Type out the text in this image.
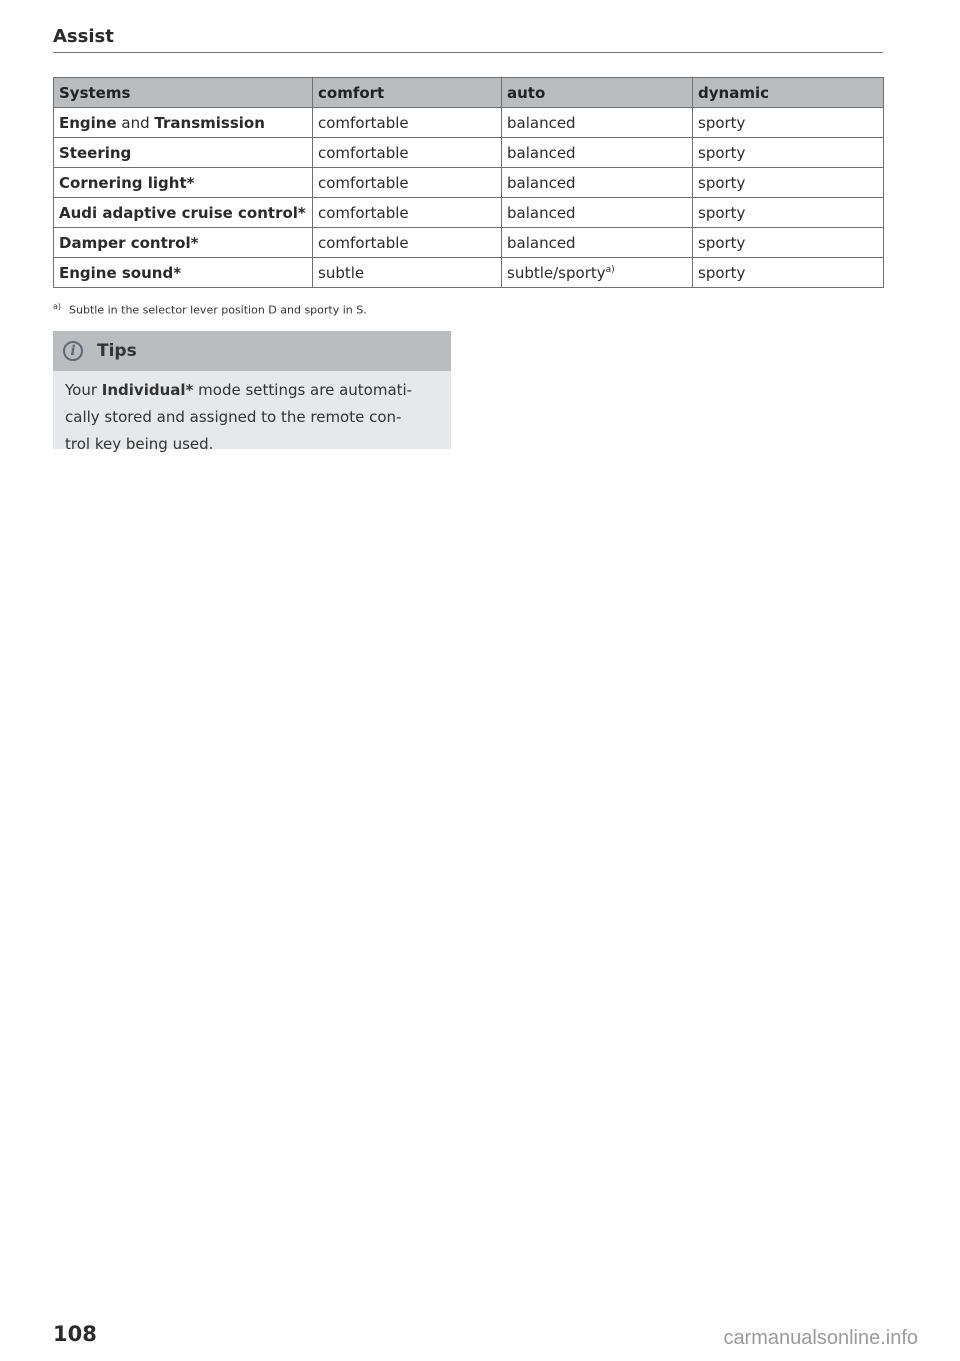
Assist
Systems	comfort	auto	dynamic
Engine and Transmission	comfortable	balanced	sporty
Steering	comfortable	balanced	sporty
Cornering light*	comfortable	balanced	sporty
Audi adaptive cruise control*	comfortable	balanced	sporty
Damper control*	comfortable	balanced	sporty
Engine sound*	subtle	subtle/sporty$^{a)}$	sporty
$^{a)}$ Subtle in the selector lever position D and sporty in S.
i	Tips
Your Individual* mode settings are automati-
cally stored and assigned to the remote con-
trol key being used.
108	carmanualsonline.info
